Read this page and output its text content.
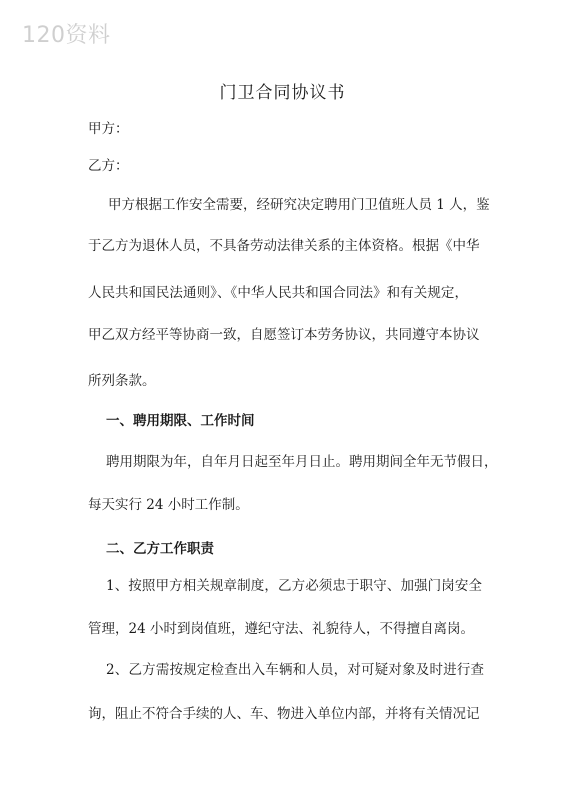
120资料
门卫合同协议书
甲方：
乙方：
甲方根据工作安全需要，经研究决定聘用门卫值班人员 1 人，鉴
于乙方为退休人员，不具备劳动法律关系的主体资格。根据《中华
人民共和国民法通则》、《中华人民共和国合同法》和有关规定，
甲乙双方经平等协商一致，自愿签订本劳务协议，共同遵守本协议
所列条款。
一、聘用期限、工作时间
聘用期限为年，自年月日起至年月日止。聘用期间全年无节假日，
每天实行 24 小时工作制。
二、乙方工作职责
1、按照甲方相关规章制度，乙方必须忠于职守、加强门岗安全
管理，24 小时到岗值班，遵纪守法、礼貌待人，不得擅自离岗。
2、乙方需按规定检查出入车辆和人员，对可疑对象及时进行查
询，阻止不符合手续的人、车、物进入单位内部，并将有关情况记
